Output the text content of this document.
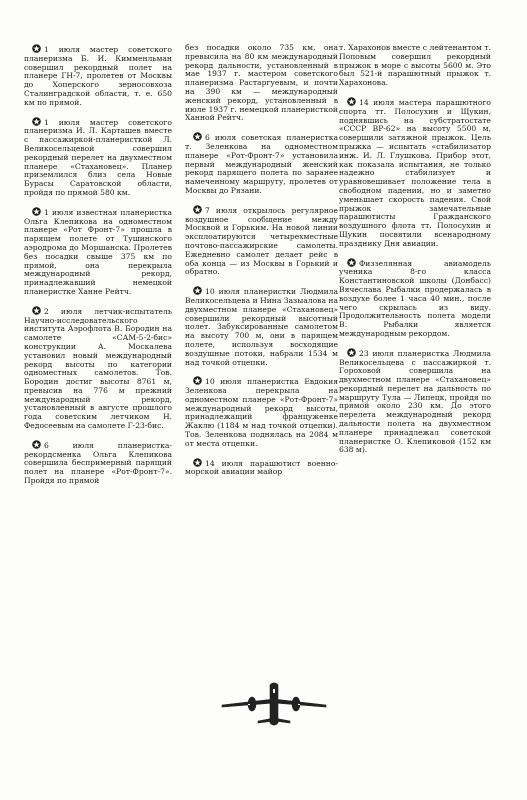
1 июля мастер советского планеризма Б. И. Кимменльман совершил рекордный полет на планере ГН-7, пролетев от Москвы до Хоперского зерносовхоза Сталинградской области, т. е. 650 км по прямой.

1 июля мастер советского планеризма И. Л. Карташев вместе с пассажиркой-планеристкой Л. Великосельцевой совершил рекордный перелет на двухместном планере «Стахановец». Планер приземлился близ села Новые Бурасы Саратовской области, пройдя по прямой 580 км.

1 июля известная планеристка Ольга Клепикова на одноместном планере «Рот Фронт-7» прошла в парящем полете от Тушинского аэродрома до Моршанска. Пролетев без посадки свыше 375 км по прямой, она перекрыла международный рекорд, принадлежавший немецкой планеристке Ханне Рейтч.

2 июля летчик-испытатель Научно-исследовательского института Аэрофлота В. Бородин на самолете «САМ-5-2-бис» конструкции А. Москалева установил новый международный рекорд высоты по категории одноместных самолетов. Тов. Бородин достиг высоты 8761 м, превысив на 776 м прежний международный рекорд, установленный в августе прошлого года советским летчиком Н. Федосеевым на самолете Г-23-бис.

6 июля планеристка-рекордсменка Ольга Клепикова совершила беспримерный парящий полет на планере «Рот-Фронт-7». Пройдя по прямой

без посадки около 735 км, она превысила на 80 км международный рекорд дальности, установленный в мае 1937 г. мастером советского планеризма Растаргуевым, и почти на 390 км — международный женский рекорд, установленный в июле 1937 г. немецкой планеристкой Ханной Рейтч.

6 июля советская планеристка т. Зеленкова на одноместном планере «Рот-Фронт-7» установила первый международный женский рекорд парящего полета по заранее намеченному маршруту, пролетев от Москвы до Рязани.

7 июля открылось регулярное воздушное сообщение между Москвой и Горьким. На новой линии эксплоатируются четырехместные почтово-пассажирские самолеты. Ежедневно самолет делает рейс в оба конца — из Москвы в Горький и обратно.

10 июля планеристки Людмила Великосельцева и Нина Зазыалова на двухместном планере «Стахановец» совершили рекордный высотный полет. Забуксированные самолетом на высоту 700 м, они в парящем полете, используя восходящие воздушные потоки, набрали 1534 м над точкой отцепки.

10 июля планеристка Евдокия Зеленкова перекрыла на одноместном планере «Рот-Фронт-7» международный рекорд высоты, принадлежащий француженке Жаклю (1184 м над точкой отцепки). Тов. Зеленкова поднялась на 2084 м от места отцепки.

14 июля парашютист военно-морской авиации майор

т. Харахонов вместе с лейтенантом т. Поповым совершил рекордный прыжок в море с высоты 5600 м. Это был 521-й парашютный прыжок т. Харахонова.

14 июля мастера парашютного спорта тт. Полосухин и Щукин, поднявшись на субстратостате «СССР ВР-62» на высоту 5500 м, совершили затяжной прыжок. Цель прыжка — испытать «стабилизатор инж. И. Л. Глушкова. Прибор этот, как показала испытания, не только надежно стабилизует и уравновешивает положение тела в свободном падении, но и заметно уменьшает скорость падения. Свой прыжок замечательные парашютисты Гражданского воздушного флота тт. Полосухин и Щукин посвятили всенародному празднику Дня авиации.

Физзелянная авиамодель ученика 8-го класса Константиновской школы (Донбасс) Вячеслава Рыбалки продержалась в воздухе более 1 часа 40 мин., после чего скрылась из виду. Продолжительность полета модели В. Рыбалки является международным рекордом.

23 июля планеристка Людмила Великосельцева с пассажиркой т. Гороховой совершила на двухместном планере «Стахановец» рекордный перелет на дальность по маршруту Тула — Липецк, пройдя по прямой около 230 км. До этого перелета международный рекорд дальности полета на двухместном планере принадлежал советской планеристке О. Клепиковой (152 км 638 м).
